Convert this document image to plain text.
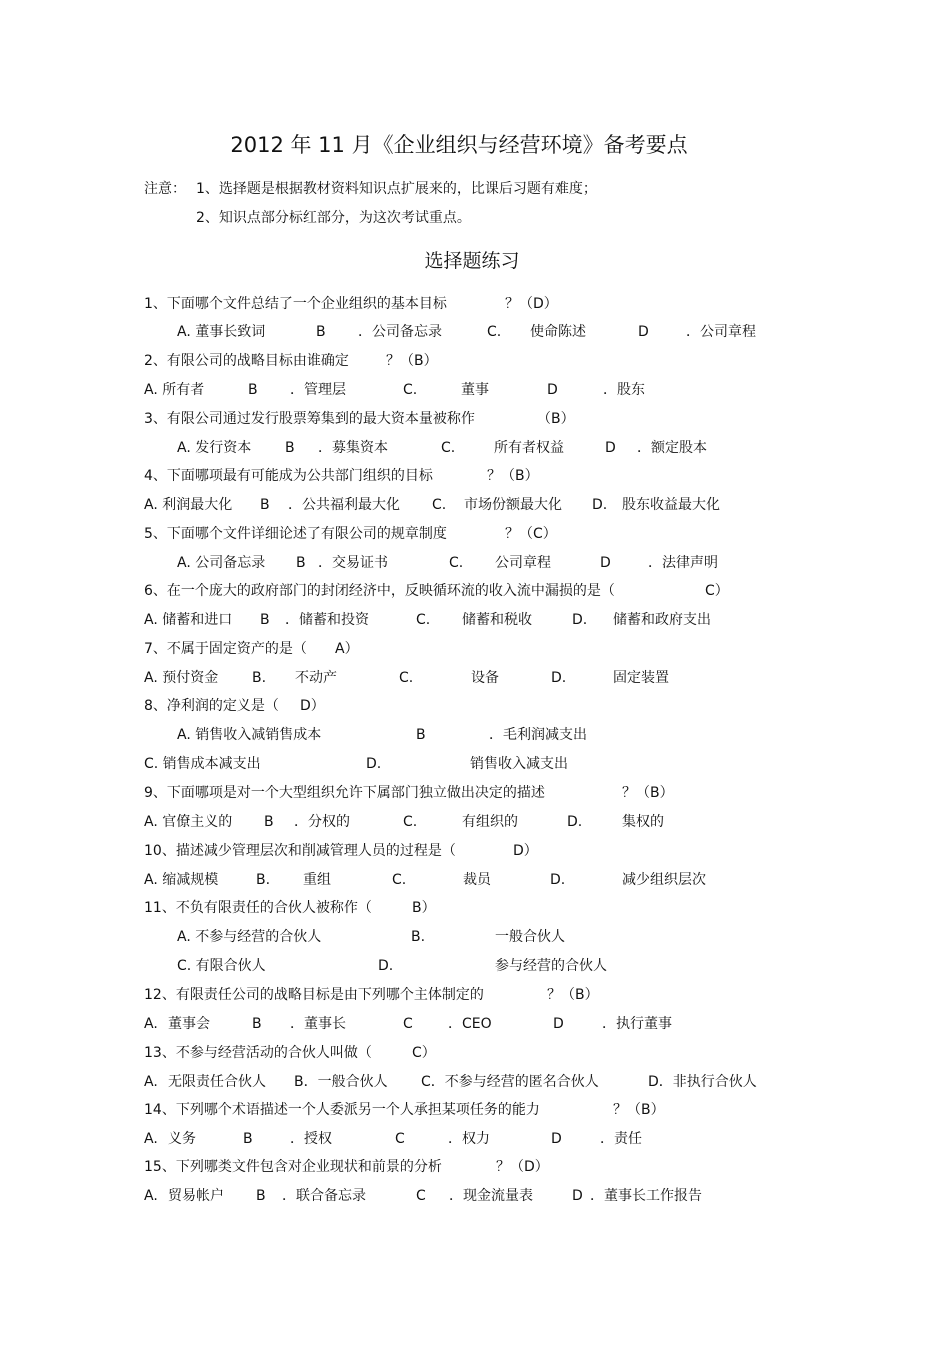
2012 年 11 月《企业组织与经营环境》备考要点
注意： 1、选择题是根据教材资料知识点扩展来的，比课后习题有难度；
2、知识点部分标红部分，为这次考试重点。
选择题练习
1、下面哪个文件总结了一个企业组织的基本目标	？（D）
A. 董事长致词	B ．公司备忘录	C. 使命陈述	D	．公司章程
2、有限公司的战略目标由谁确定	？（B）
A. 所有者	B ．管理层	C.	董事	D	．股东
3、有限公司通过发行股票筹集到的最大资本量被称作	（B）
A. 发行资本 B ．募集资本	C.	所有者权益	D ．额定股本
4、下面哪项最有可能成为公共部门组织的目标	？（B）
A. 利润最大化 B ．公共福利最大化 C. 市场份额最大化 D. 股东收益最大化
5、下面哪个文件详细论述了有限公司的规章制度	？（C）
A. 公司备忘录 B ．交易证书	C. 公司章程	D	．法律声明
6、在一个庞大的政府部门的封闭经济中，反映循环流的收入流中漏损的是（	C）
A. 储蓄和进口 B ．储蓄和投资	C. 储蓄和税收	D. 储蓄和政府支出
7、不属于固定资产的是（ A）
A. 预付资金 B. 不动产	C.	设备	D.	固定装置
8、净利润的定义是（ D）
A. 销售收入减销售成本	B	．毛利润减支出
C. 销售成本减支出	D.	销售收入减支出
9、下面哪项是对一个大型组织允许下属部门独立做出决定的描述	？（B）
A. 官僚主义的 B ．分权的	C.	有组织的	D.	集权的
10、描述减少管理层次和削减管理人员的过程是（	D）
A. 缩减规模	B. 重组	C.	裁员	D.	减少组织层次
11、不负有限责任的合伙人被称作（	B）
A. 不参与经营的合伙人	B.	一般合伙人
C. 有限合伙人	D.	参与经营的合伙人
12、有限责任公司的战略目标是由下列哪个主体制定的	？（B）
A. 董事会	B ．董事长	C	．CEO	D	．执行董事
13、不参与经营活动的合伙人叫做（	C）
A. 无限责任合伙人 B．一般合伙人 C．不参与经营的匿名合伙人	D．非执行合伙人
14、下列哪个术语描述一个人委派另一个人承担某项任务的能力	？（B）
A. 义务	B	．授权	C	．权力	D	．责任
15、下列哪类文件包含对企业现状和前景的分析	？（D）
A. 贸易帐户 B ．联合备忘录	C ．现金流量表	D ．董事长工作报告
